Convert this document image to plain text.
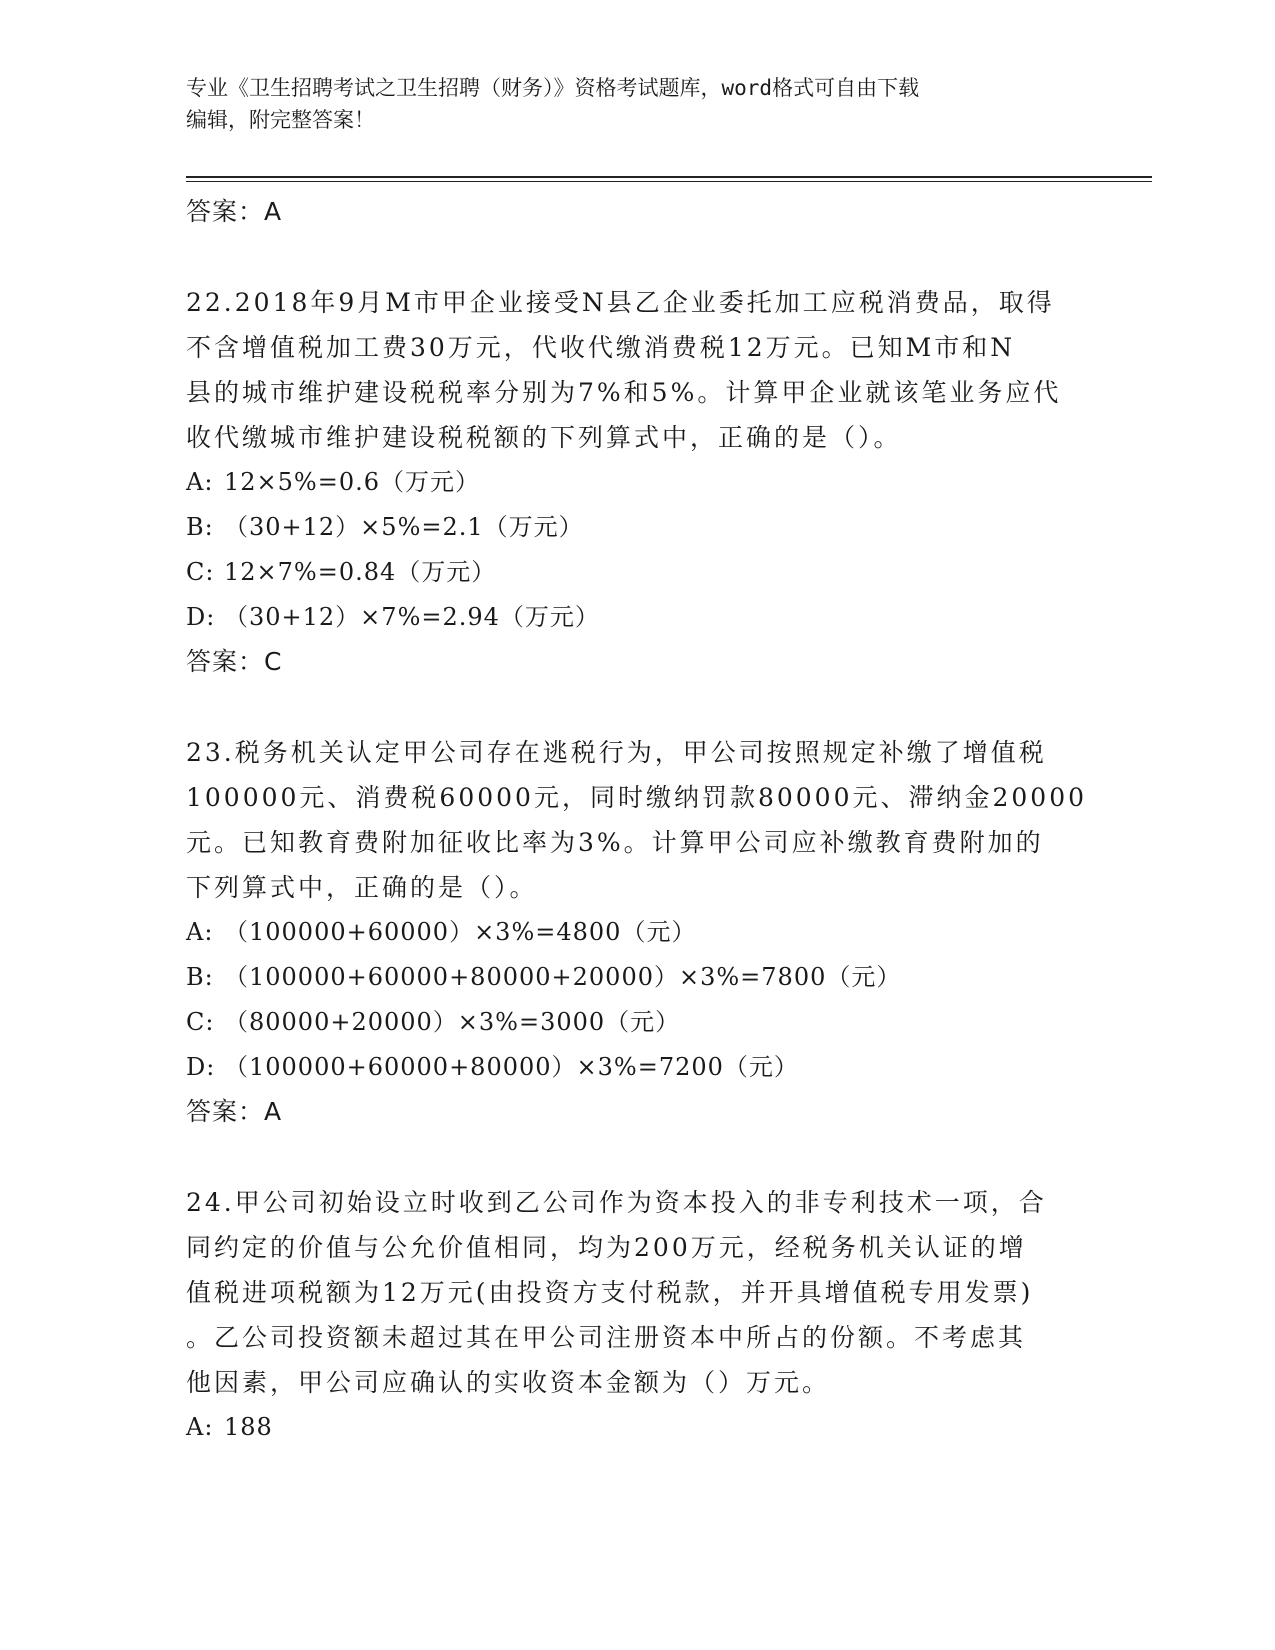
专业《卫生招聘考试之卫生招聘（财务）》资格考试题库，word格式可自由下载
编辑，附完整答案！
答案：A
22.2018年9月M市甲企业接受N县乙企业委托加工应税消费品，取得
不含增值税加工费30万元，代收代缴消费税12万元。已知M市和N
县的城市维护建设税税率分别为7%和5%。计算甲企业就该笔业务应代
收代缴城市维护建设税税额的下列算式中，正确的是（）。
A: 12×5%=0.6（万元）
B: （30+12）×5%=2.1（万元）
C: 12×7%=0.84（万元）
D: （30+12）×7%=2.94（万元）
答案：C
23.税务机关认定甲公司存在逃税行为，甲公司按照规定补缴了增值税
100000元、消费税60000元，同时缴纳罚款80000元、滞纳金20000
元。已知教育费附加征收比率为3%。计算甲公司应补缴教育费附加的
下列算式中，正确的是（）。
A: （100000+60000）×3%=4800（元）
B: （100000+60000+80000+20000）×3%=7800（元）
C: （80000+20000）×3%=3000（元）
D: （100000+60000+80000）×3%=7200（元）
答案：A
24.甲公司初始设立时收到乙公司作为资本投入的非专利技术一项，合
同约定的价值与公允价值相同，均为200万元，经税务机关认证的增
值税进项税额为12万元(由投资方支付税款，并开具增值税专用发票)
。乙公司投资额未超过其在甲公司注册资本中所占的份额。不考虑其
他因素，甲公司应确认的实收资本金额为（）万元。
A: 188
